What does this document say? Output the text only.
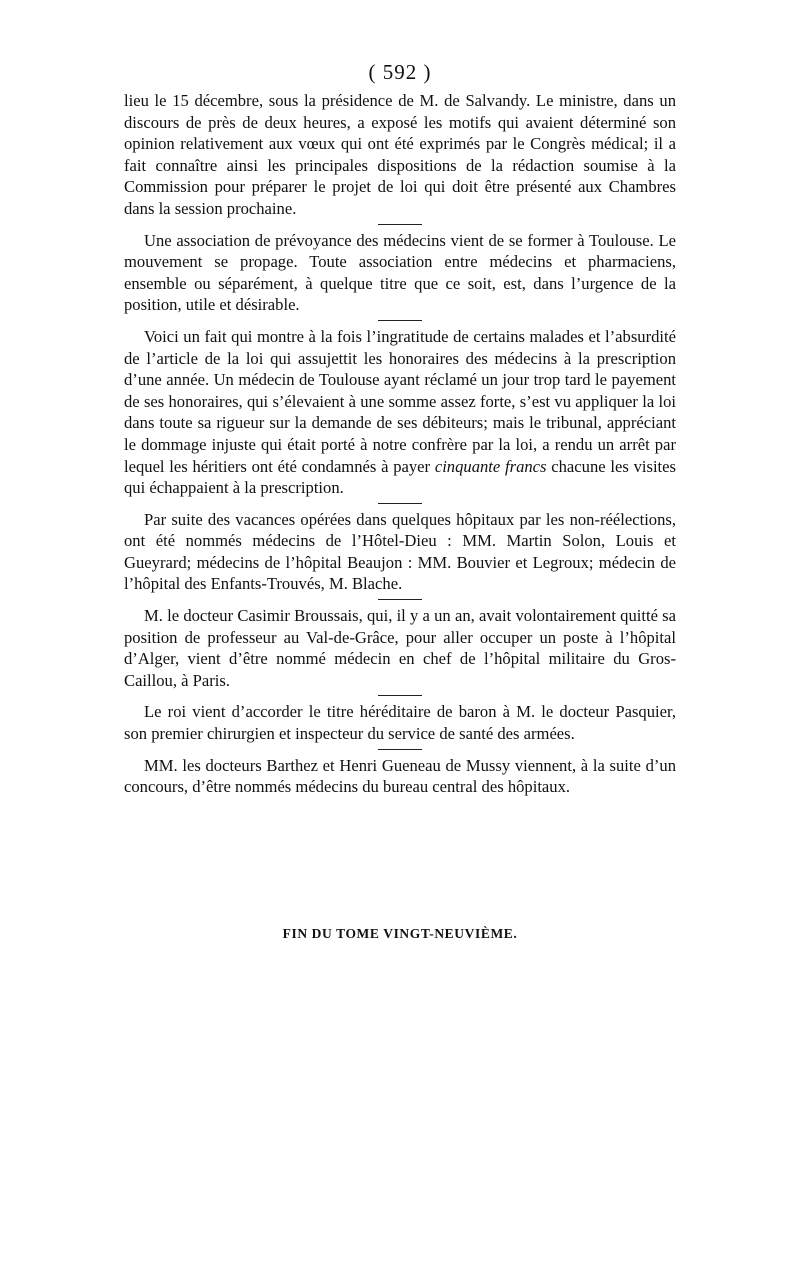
( 592 )

lieu le 15 décembre, sous la présidence de M. de Salvandy. Le ministre, dans un discours de près de deux heures, a exposé les motifs qui avaient déterminé son opinion relativement aux vœux qui ont été exprimés par le Congrès médical; il a fait connaître ainsi les principales dispositions de la rédaction soumise à la Commission pour préparer le projet de loi qui doit être présenté aux Chambres dans la session prochaine.

Une association de prévoyance des médecins vient de se former à Toulouse. Le mouvement se propage. Toute association entre médecins et pharmaciens, ensemble ou séparément, à quelque titre que ce soit, est, dans l’urgence de la position, utile et désirable.

Voici un fait qui montre à la fois l’ingratitude de certains malades et l’absurdité de l’article de la loi qui assujettit les honoraires des médecins à la prescription d’une année. Un médecin de Toulouse ayant réclamé un jour trop tard le payement de ses honoraires, qui s’élevaient à une somme assez forte, s’est vu appliquer la loi dans toute sa rigueur sur la demande de ses débiteurs; mais le tribunal, appréciant le dommage injuste qui était porté à notre confrère par la loi, a rendu un arrêt par lequel les héritiers ont été condamnés à payer cinquante francs chacune les visites qui échappaient à la prescription.

Par suite des vacances opérées dans quelques hôpitaux par les non-réélections, ont été nommés médecins de l’Hôtel-Dieu : MM. Martin Solon, Louis et Gueyrard; médecins de l’hôpital Beaujon : MM. Bouvier et Legroux; médecin de l’hôpital des Enfants-Trouvés, M. Blache.

M. le docteur Casimir Broussais, qui, il y a un an, avait volontairement quitté sa position de professeur au Val-de-Grâce, pour aller occuper un poste à l’hôpital d’Alger, vient d’être nommé médecin en chef de l’hôpital militaire du Gros-Caillou, à Paris.

Le roi vient d’accorder le titre héréditaire de baron à M. le docteur Pasquier, son premier chirurgien et inspecteur du service de santé des armées.

MM. les docteurs Barthez et Henri Gueneau de Mussy viennent, à la suite d’un concours, d’être nommés médecins du bureau central des hôpitaux.

FIN DU TOME VINGT-NEUVIÈME.
